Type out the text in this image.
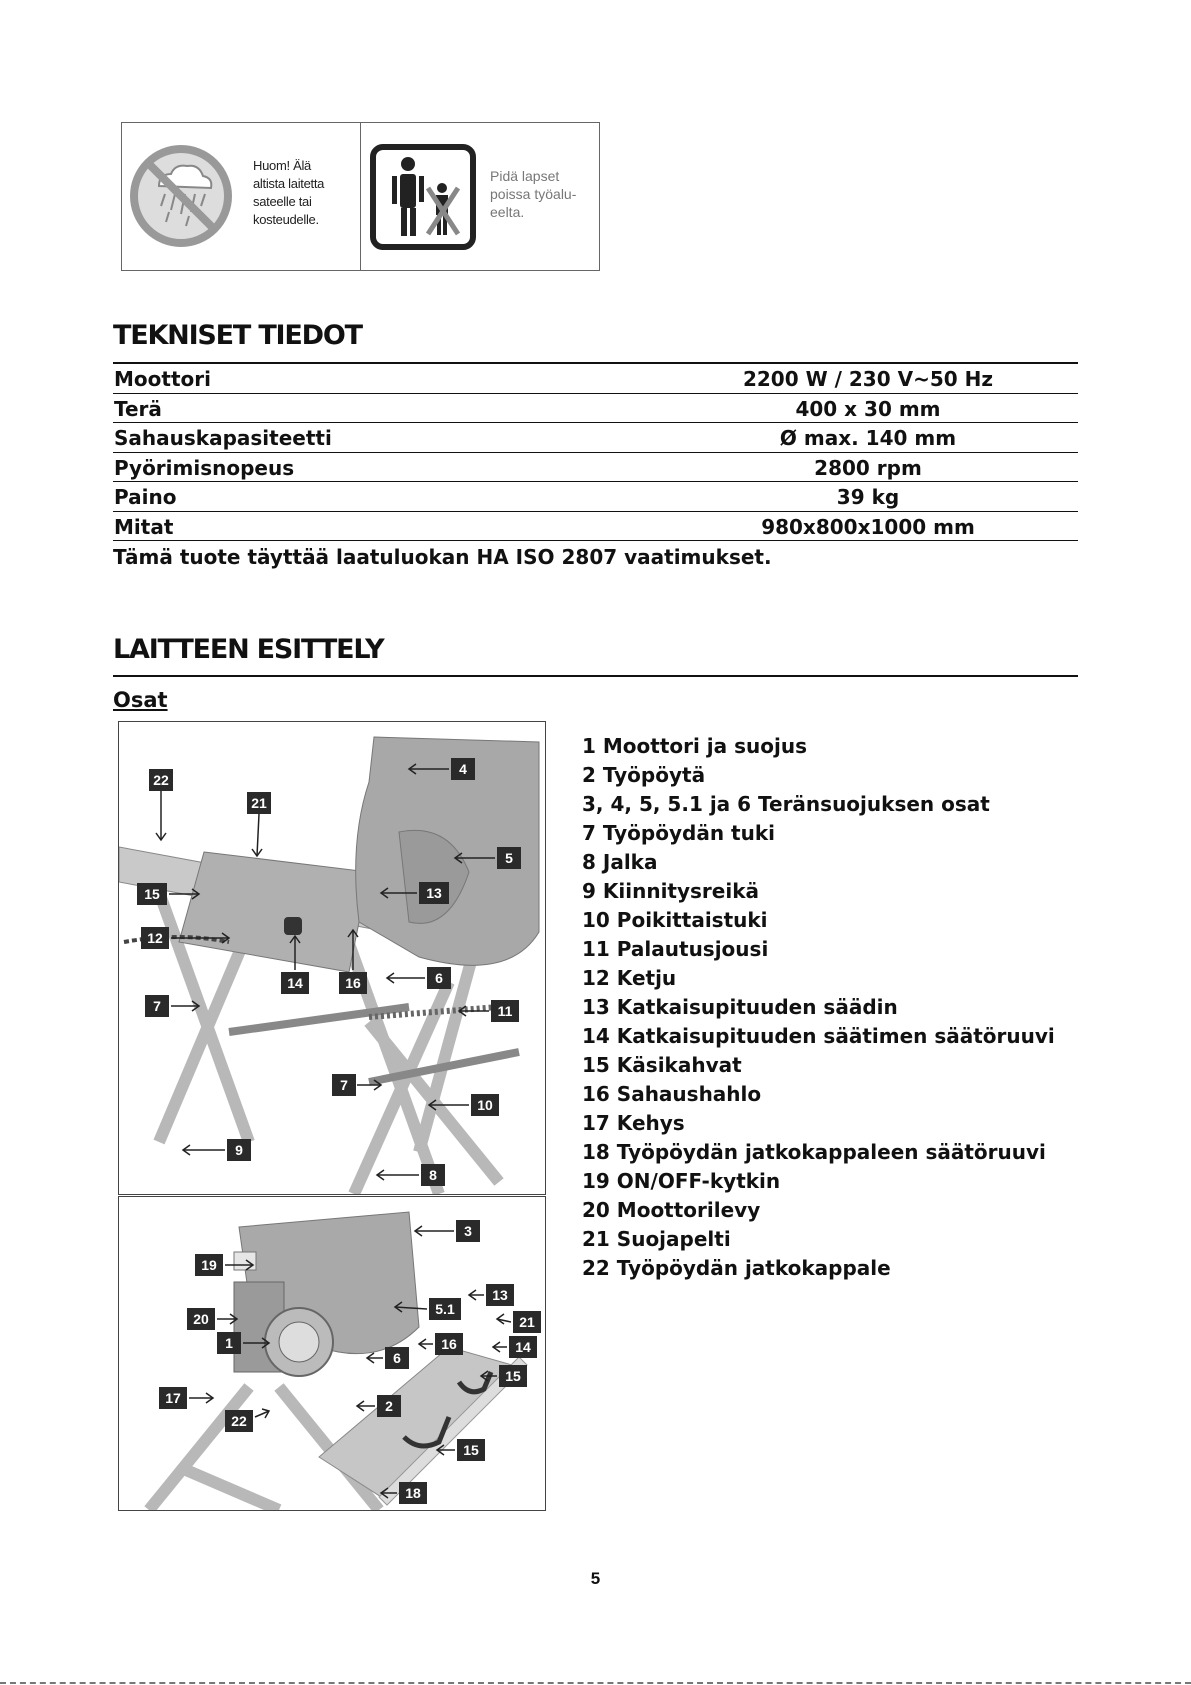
Huom! Älä
altista laitetta
sateelle tai
kosteudelle.
Pidä lapset
poissa työalu-
eelta.
TEKNISET TIEDOT
Moottori	2200 W / 230 V~50 Hz
Terä	400 x 30 mm
Sahauskapasiteetti	Ø max. 140 mm
Pyörimisnopeus	2800 rpm
Paino	39 kg
Mitat	980x800x1000 mm
Tämä tuote täyttää laatuluokan HA ISO 2807 vaatimukset.
LAITTEEN ESITTELY
Osat
22
21
4
5
15	13
12
14	16	6
7	11
7
10
9
8
3
19
13
5.1
20	21
1	16	14
6
15
17	2
22
15
18
1 Moottori ja suojus
2 Työpöytä
3, 4, 5, 5.1 ja 6 Teränsuojuksen osat
7 Työpöydän tuki
8 Jalka
9 Kiinnitysreikä
10 Poikittaistuki
11 Palautusjousi
12 Ketju
13 Katkaisupituuden säädin
14 Katkaisupituuden säätimen säätöruuvi
15 Käsikahvat
16 Sahaushahlo
17 Kehys
18 Työpöydän jatkokappaleen säätöruuvi
19 ON/OFF-kytkin
20 Moottorilevy
21 Suojapelti
22 Työpöydän jatkokappale
5
